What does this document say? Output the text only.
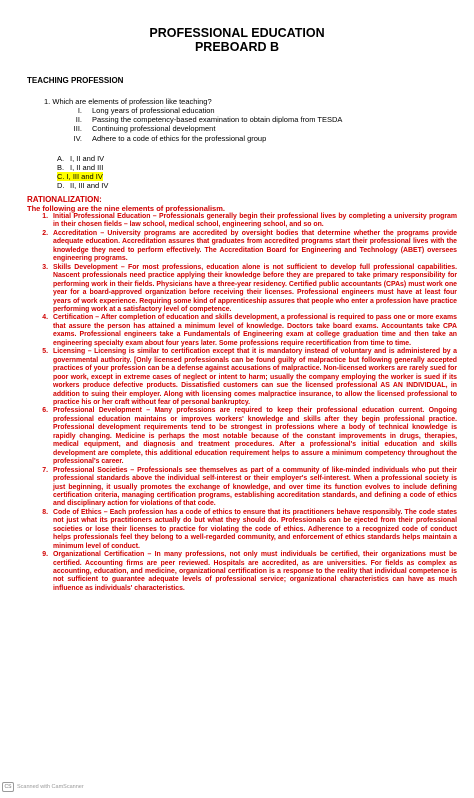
PROFESSIONAL EDUCATION
PREBOARD B
TEACHING PROFESSION
1. Which are elements of profession like teaching?
I.	Long years of professional education
II.	Passing the competency-based examination to obtain diploma from TESDA
III.	Continuing professional development
IV.	Adhere to a code of ethics for the professional group
A. I, II and IV
B. I, II and III
C. I, III and IV
D. II, III and IV
RATIONALIZATION:
The following are the nine elements of professionalism.
1. Initial Professional Education – Professionals generally begin their professional lives by completing a university program in their chosen fields – law school, medical school, engineering school, and so on.
2. Accreditation – University programs are accredited by oversight bodies that determine whether the programs provide adequate education. Accreditation assures that graduates from accredited programs start their professional lives with the knowledge they need to perform effectively. The Accreditation Board for Engineering and Technology (ABET) oversees engineering programs.
3. Skills Development – For most professions, education alone is not sufficient to develop full professional capabilities. Nascent professionals need practice applying their knowledge before they are prepared to take primary responsibility for performing work in their fields. Physicians have a three-year residency. Certified public accountants (CPAs) must work one year for a board-approved organization before receiving their licenses. Professional engineers must have at least four years of work experience. Requiring some kind of apprenticeship assures that people who enter a profession have practice performing work at a satisfactory level of competence.
4. Certification – After completion of education and skills development, a professional is required to pass one or more exams that assure the person has attained a minimum level of knowledge. Doctors take board exams. Accountants take CPA exams. Professional engineers take a Fundamentals of Engineering exam at college graduation time and then take an engineering specialty exam about four years later. Some professions require recertification from time to time.
5. Licensing – Licensing is similar to certification except that it is mandatory instead of voluntary and is administered by a governmental authority. [Only licensed professionals can be found guilty of malpractice but following generally accepted practices of your profession can be a defense against accusations of malpractice. Non-licensed workers are rarely sued for poor work, except in extreme cases of neglect or intent to harm; usually the company employing the worker is sued if its workers produce defective products. Dissatisfied customers can sue the licensed professional AS AN INDIVIDUAL, in addition to suing their employer. Along with licensing comes malpractice insurance, to allow the licensed professional to practice his or her craft without fear of personal bankruptcy.
6. Professional Development – Many professions are required to keep their professional education current. Ongoing professional education maintains or improves workers' knowledge and skills after they begin professional practice. Professional development requirements tend to be strongest in professions where a body of technical knowledge is rapidly changing. Medicine is perhaps the most notable because of the constant improvements in drugs, therapies, medical equipment, and diagnosis and treatment procedures. After a professional's initial education and skills development are complete, this additional education requirement helps to assure a minimum competency throughout the professional's career.
7. Professional Societies – Professionals see themselves as part of a community of like-minded individuals who put their professional standards above the individual self-interest or their employer's self-interest. When a professional society is just beginning, it usually promotes the exchange of knowledge, and over time its function evolves to include defining certification criteria, managing certification programs, establishing accreditation standards, and defining a code of ethics and disciplinary action for violations of that code.
8. Code of Ethics – Each profession has a code of ethics to ensure that its practitioners behave responsibly. The code states not just what its practitioners actually do but what they should do. Professionals can be ejected from their professional societies or lose their licenses to practice for violating the code of ethics. Adherence to a recognized code of conduct helps professionals feel they belong to a well-regarded community, and enforcement of ethics standards helps maintain a minimum level of conduct.
9. Organizational Certification – In many professions, not only must individuals be certified, their organizations must be certified. Accounting firms are peer reviewed. Hospitals are accredited, as are universities. For fields as complex as accounting, education, and medicine, organizational certification is a response to the reality that individual competence is not sufficient to guarantee adequate levels of professional service; organizational characteristics can have as much influence as individuals' characteristics.
CS	Scanned with CamScanner
